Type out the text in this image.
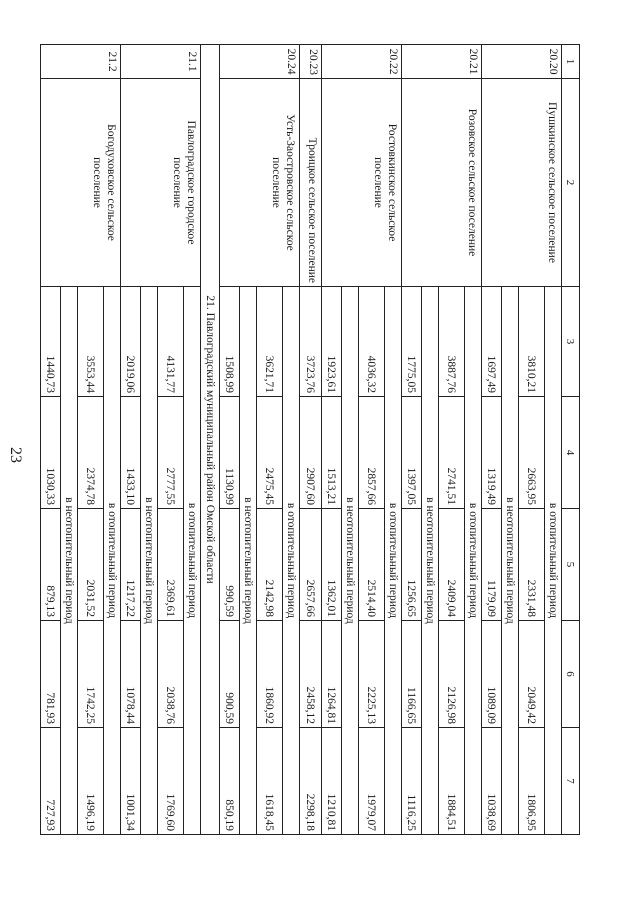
23
1	2	3	4	5	6	7
20.20	Пушкинское сельское поселение	в отопительный период				
		3810,21	2663,95	2331,48	2049,42	1806,95
		в неотопительный период				
		1697,49	1319,49	1179,09	1089,09	1038,69
20.21	Розовское сельское поселение	в отопительный период				
		3887,76	2741,51	2409,04	2126,98	1884,51
		в неотопительный период				
		1775,05	1397,05	1256,65	1166,65	1116,25
20.22	Ростовкинское сельское
поселение	в отопительный период				
		4036,32	2857,66	2514,40	2225,13	1979,07
		в неотопительный период				
		1923,61	1513,21	1362,01	1264,81	1210,81
20.23	Троицкое сельское поселение	3723,76	2907,60	2657,66	2458,12	2298,18
20.24	Усть-Заостровское сельское
поселение	в отопительный период				
		3621,71	2475,45	2142,98	1860,92	1618,45
		в неотопительный период				
		1508,99	1130,99	990,59	900,59	850,19
21. Павлоградский муниципальный район Омской области						
21.1	Павлоградское городское
поселение	в отопительный период				
		4131,77	2777,55	2369,61	2038,76	1769,60
		в неотопительный период				
		2019,06	1433,10	1217,22	1078,44	1001,34
21.2	Богодуховское сельское
поселение	в отопительный период				
		3553,44	2374,78	2031,52	1742,25	1496,19
		в неотопительный период				
		1440,73	1030,33	879,13	781,93	727,93
